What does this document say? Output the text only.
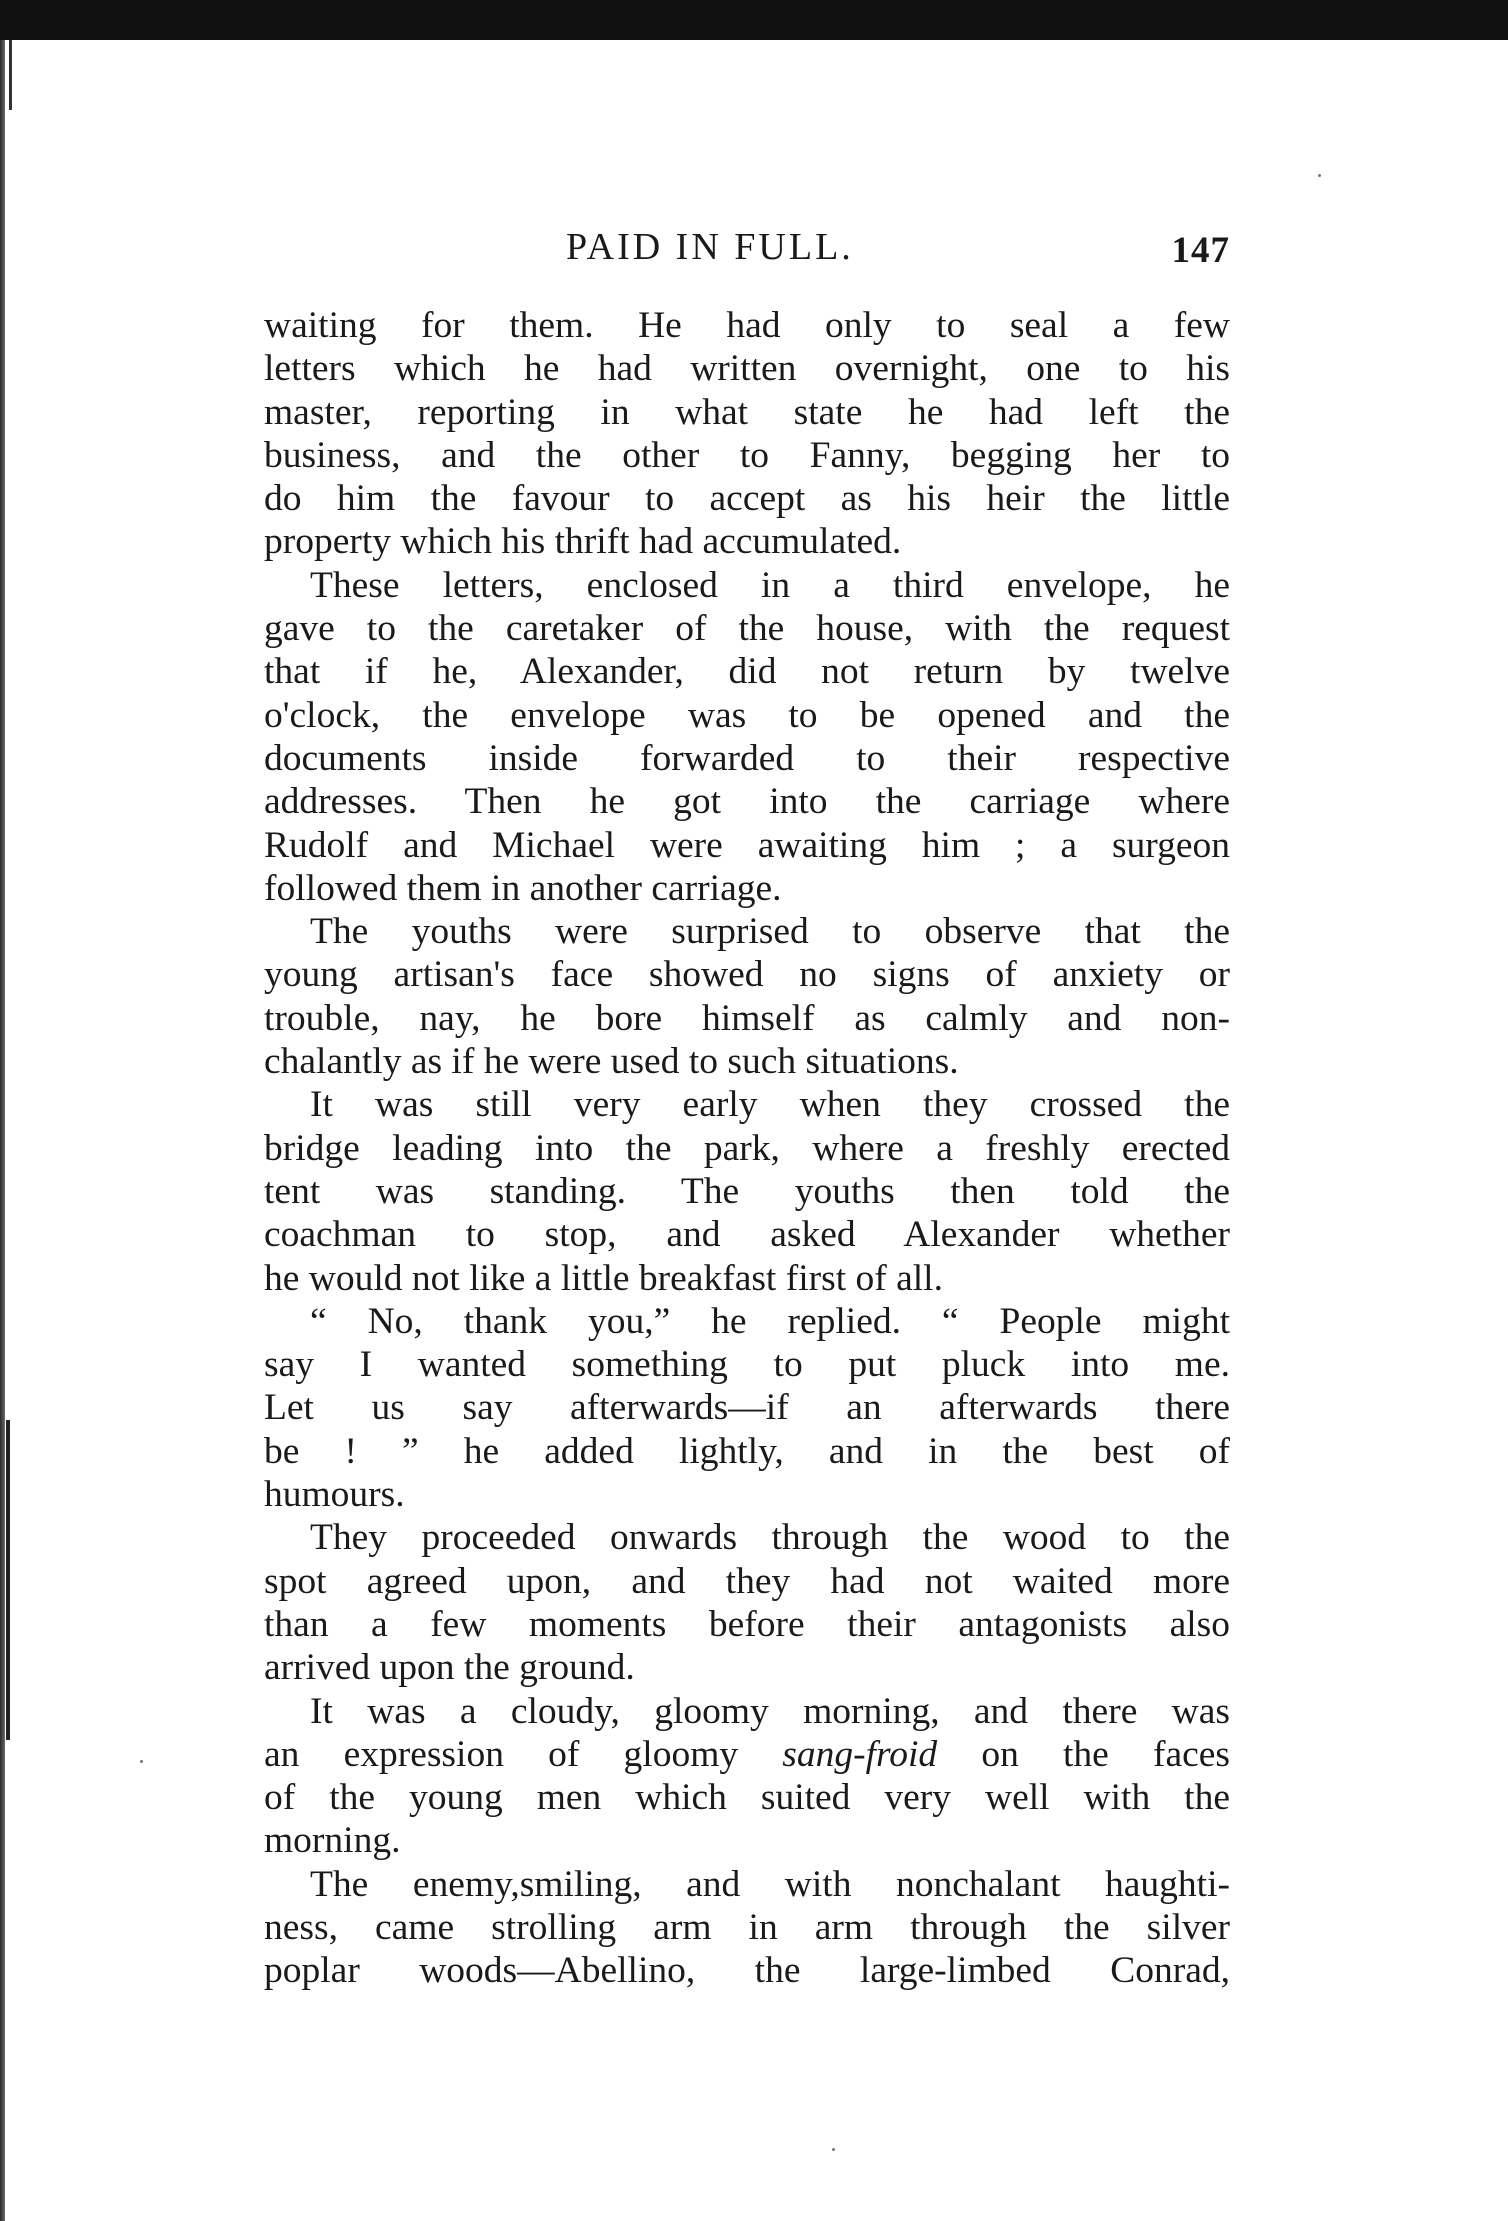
PAID IN FULL.	147
waiting for them. He had only to seal a few
letters which he had written overnight, one to his
master, reporting in what state he had left the
business, and the other to Fanny, begging her to
do him the favour to accept as his heir the little
property which his thrift had accumulated.
These letters, enclosed in a third envelope, he
gave to the caretaker of the house, with the request
that if he, Alexander, did not return by twelve
o'clock, the envelope was to be opened and the
documents inside forwarded to their respective
addresses. Then he got into the carriage where
Rudolf and Michael were awaiting him ; a surgeon
followed them in another carriage.
The youths were surprised to observe that the
young artisan's face showed no signs of anxiety or
trouble, nay, he bore himself as calmly and non-
chalantly as if he were used to such situations.
It was still very early when they crossed the
bridge leading into the park, where a freshly erected
tent was standing. The youths then told the
coachman to stop, and asked Alexander whether
he would not like a little breakfast first of all.
“ No, thank you,” he replied. “ People might
say I wanted something to put pluck into me.
Let us say afterwards—if an afterwards there
be ! ” he added lightly, and in the best of
humours.
They proceeded onwards through the wood to the
spot agreed upon, and they had not waited more
than a few moments before their antagonists also
arrived upon the ground.
It was a cloudy, gloomy morning, and there was
an expression of gloomy sang-froid on the faces
of the young men which suited very well with the
morning.
The enemy,smiling, and with nonchalant haughti-
ness, came strolling arm in arm through the silver
poplar woods—Abellino, the large-limbed Conrad,
